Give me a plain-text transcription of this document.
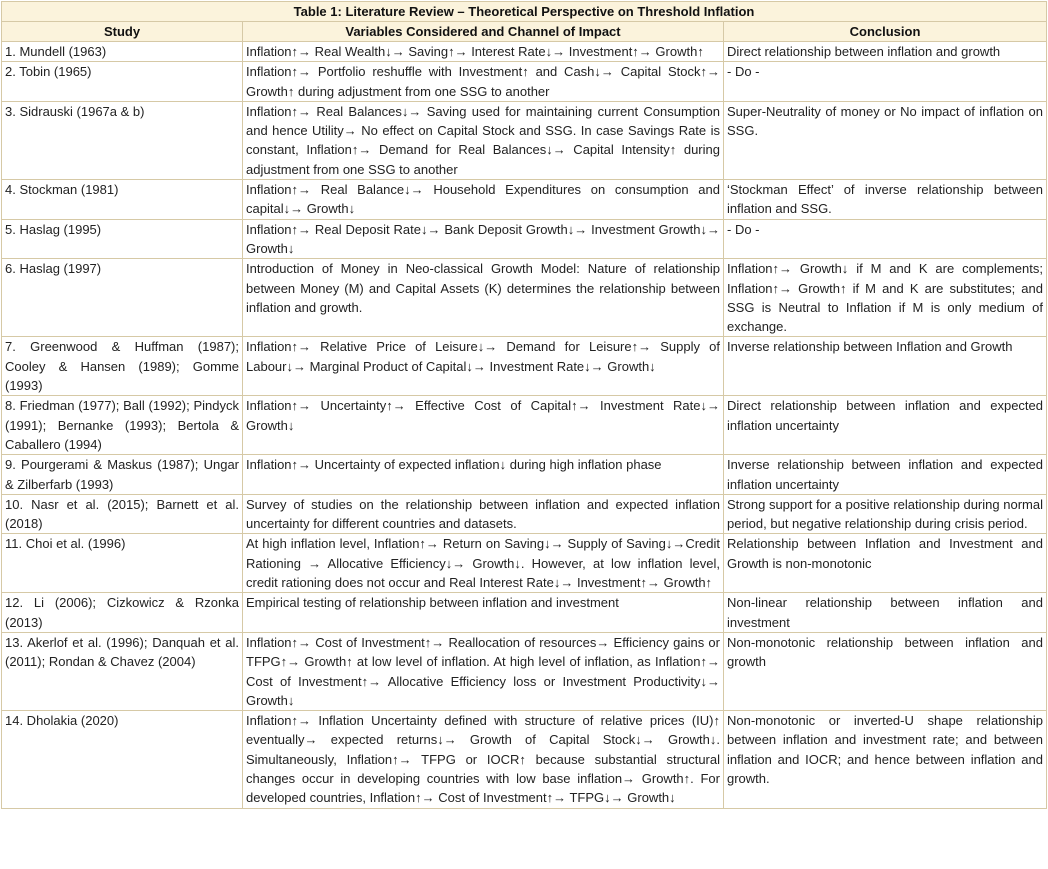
Table 1: Literature Review – Theoretical Perspective on Threshold Inflation
Study	Variables Considered and Channel of Impact	Conclusion
1. Mundell (1963)	Inflation↑→ Real Wealth↓→ Saving↑→ Interest Rate↓→ Investment↑→ Growth↑	Direct relationship between inflation and growth
2. Tobin (1965)	Inflation↑→ Portfolio reshuffle with Investment↑ and Cash↓→ Capital Stock↑→ Growth↑ during adjustment from one SSG to another	- Do -
3. Sidrauski (1967a & b)	Inflation↑→ Real Balances↓→ Saving used for maintaining current Consumption and hence Utility→ No effect on Capital Stock and SSG. In case Savings Rate is constant, Inflation↑→ Demand for Real Balances↓→ Capital Intensity↑ during adjustment from one SSG to another	Super-Neutrality of money or No impact of inflation on SSG.
4. Stockman (1981)	Inflation↑→ Real Balance↓→ Household Expenditures on consumption and capital↓→ Growth↓	‘Stockman Effect’ of inverse relationship between inflation and SSG.
5. Haslag (1995)	Inflation↑→ Real Deposit Rate↓→ Bank Deposit Growth↓→ Investment Growth↓→ Growth↓	- Do -
6. Haslag (1997)	Introduction of Money in Neo-classical Growth Model: Nature of relationship between Money (M) and Capital Assets (K) determines the relationship between inflation and growth.	Inflation↑→ Growth↓ if M and K are complements; Inflation↑→ Growth↑ if M and K are substitutes; and SSG is Neutral to Inflation if M is only medium of exchange.
7. Greenwood & Huffman (1987); Cooley & Hansen (1989); Gomme (1993)	Inflation↑→ Relative Price of Leisure↓→ Demand for Leisure↑→ Supply of Labour↓→ Marginal Product of Capital↓→ Investment Rate↓→ Growth↓	Inverse relationship between Inflation and Growth
8. Friedman (1977); Ball (1992); Pindyck (1991); Bernanke (1993); Bertola & Caballero (1994)	Inflation↑→ Uncertainty↑→ Effective Cost of Capital↑→ Investment Rate↓→ Growth↓	Direct relationship between inflation and expected inflation uncertainty
9. Pourgerami & Maskus (1987); Ungar & Zilberfarb (1993)	Inflation↑→ Uncertainty of expected inflation↓ during high inflation phase	Inverse relationship between inflation and expected inflation uncertainty
10. Nasr et al. (2015); Barnett et al. (2018)	Survey of studies on the relationship between inflation and expected inflation uncertainty for different countries and datasets.	Strong support for a positive relationship during normal period, but negative relationship during crisis period.
11. Choi et al. (1996)	At high inflation level, Inflation↑→ Return on Saving↓→ Supply of Saving↓→Credit Rationing → Allocative Efficiency↓→ Growth↓. However, at low inflation level, credit rationing does not occur and Real Interest Rate↓→ Investment↑→ Growth↑	Relationship between Inflation and Investment and Growth is non-monotonic
12. Li (2006); Cizkowicz & Rzonka (2013)	Empirical testing of relationship between inflation and investment	Non-linear relationship between inflation and investment
13. Akerlof et al. (1996); Danquah et al. (2011); Rondan & Chavez (2004)	Inflation↑→ Cost of Investment↑→ Reallocation of resources→ Efficiency gains or TFPG↑→ Growth↑ at low level of inflation. At high level of inflation, as Inflation↑→ Cost of Investment↑→ Allocative Efficiency loss or Investment Productivity↓→ Growth↓	Non-monotonic relationship between inflation and growth
14. Dholakia (2020)	Inflation↑→ Inflation Uncertainty defined with structure of relative prices (IU)↑ eventually→ expected returns↓→ Growth of Capital Stock↓→ Growth↓. Simultaneously, Inflation↑→ TFPG or IOCR↑ because substantial structural changes occur in developing countries with low base inflation→ Growth↑. For developed countries, Inflation↑→ Cost of Investment↑→ TFPG↓→ Growth↓	Non-monotonic or inverted-U shape relationship between inflation and investment rate; and between inflation and IOCR; and hence between inflation and growth.
